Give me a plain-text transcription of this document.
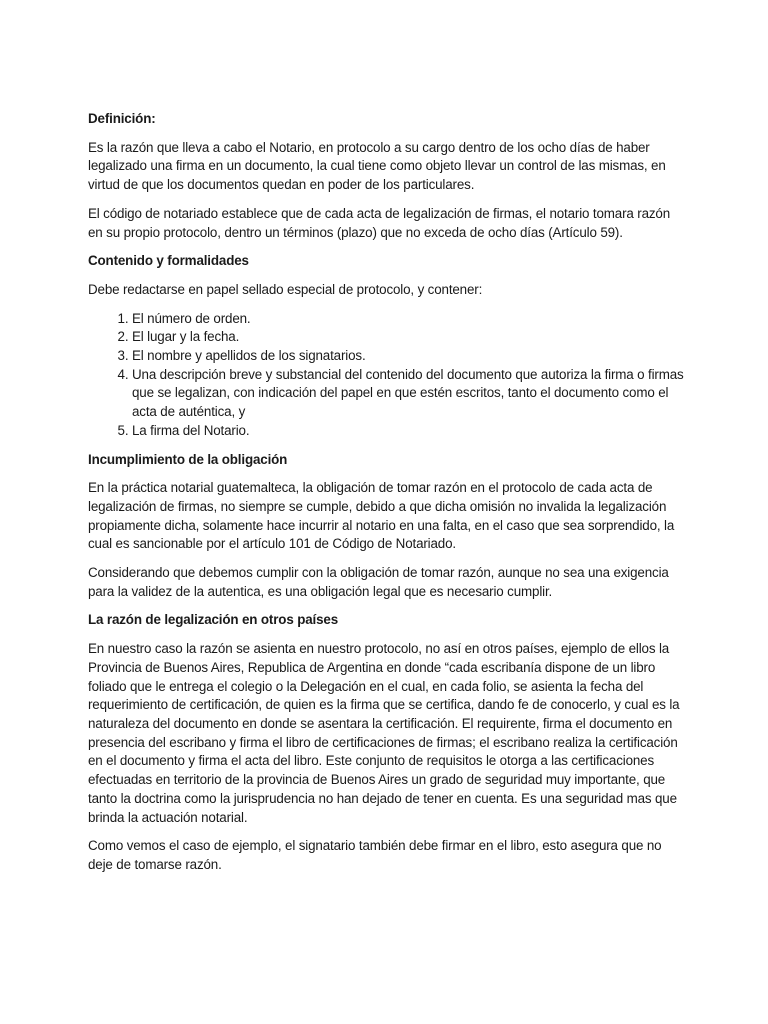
Definición:

Es la razón que lleva a cabo el Notario, en protocolo a su cargo dentro de los ocho días de haber legalizado una firma en un documento, la cual tiene como objeto llevar un control de las mismas, en virtud de que los documentos quedan en poder de los particulares.

El código de notariado establece que de cada acta de legalización de firmas, el notario tomara razón en su propio protocolo, dentro un términos (plazo) que no exceda de ocho días (Artículo 59).

Contenido y formalidades

Debe redactarse en papel sellado especial de protocolo, y contener:

1. El número de orden.
2. El lugar y la fecha.
3. El nombre y apellidos de los signatarios.
4. Una descripción breve y substancial del contenido del documento que autoriza la firma o firmas que se legalizan, con indicación del papel en que estén escritos, tanto el documento como el acta de auténtica, y
5. La firma del Notario.
Incumplimiento de la obligación

En la práctica notarial guatemalteca, la obligación de tomar razón en el protocolo de cada acta de legalización de firmas, no siempre se cumple, debido a que dicha omisión no invalida la legalización propiamente dicha, solamente hace incurrir al notario en una falta, en el caso que sea sorprendido, la cual es sancionable por el artículo 101 de Código de Notariado.

Considerando que debemos cumplir con la obligación de tomar razón, aunque no sea una exigencia para la validez de la autentica, es una obligación legal que es necesario cumplir.

La razón de legalización en otros países

En nuestro caso la razón se asienta en nuestro protocolo, no así en otros países, ejemplo de ellos la Provincia de Buenos Aires, Republica de Argentina en donde “cada escribanía dispone de un libro foliado que le entrega el colegio o la Delegación en el cual, en cada folio, se asienta la fecha del requerimiento de certificación, de quien es la firma que se certifica, dando fe de conocerlo, y cual es la naturaleza del documento en donde se asentara la certificación. El requirente, firma el documento en presencia del escribano y firma el libro de certificaciones de firmas; el escribano realiza la certificación en el documento y firma el acta del libro. Este conjunto de requisitos le otorga a las certificaciones efectuadas en territorio de la provincia de Buenos Aires un grado de seguridad muy importante, que tanto la doctrina como la jurisprudencia no han dejado de tener en cuenta. Es una seguridad mas que brinda la actuación notarial.

Como vemos el caso de ejemplo, el signatario también debe firmar en el libro, esto asegura que no deje de tomarse razón.
